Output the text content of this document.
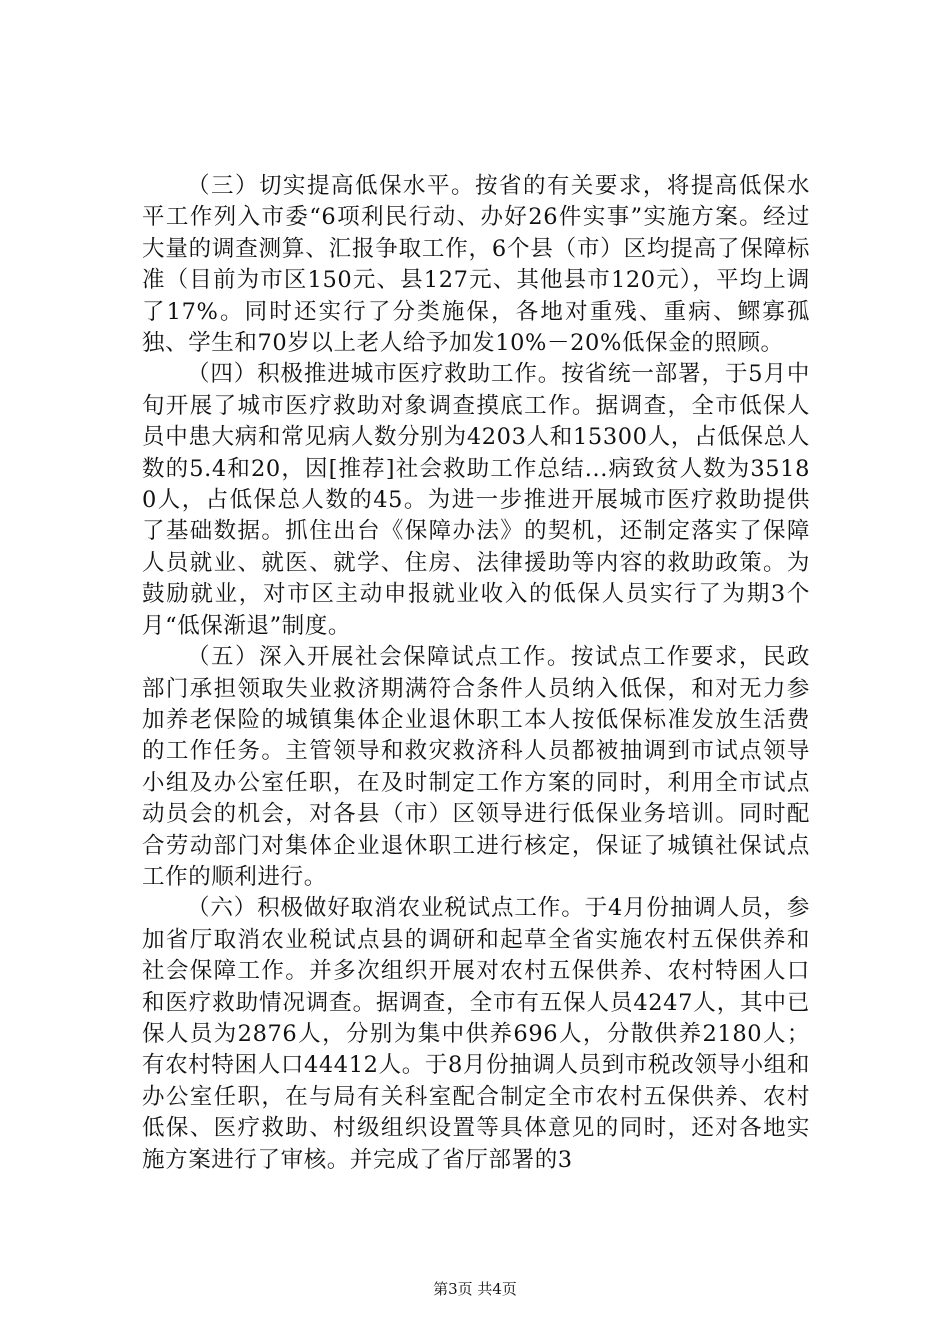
（三）切实提高低保水平。按省的有关要求，将提高低保水平工作列入市委“6项利民行动、办好26件实事”实施方案。经过大量的调查测算、汇报争取工作，6个县（市）区均提高了保障标准（目前为市区150元、县127元、其他县市120元），平均上调了17%。同时还实行了分类施保，各地对重残、重病、鳏寡孤独、学生和70岁以上老人给予加发10%－20%低保金的照顾。

（四）积极推进城市医疗救助工作。按省统一部署，于5月中旬开展了城市医疗救助对象调查摸底工作。据调查，全市低保人员中患大病和常见病人数分别为4203人和15300人，占低保总人数的5.4和20，因[推荐]社会救助工作总结...病致贫人数为35180人，占低保总人数的45。为进一步推进开展城市医疗救助提供了基础数据。抓住出台《保障办法》的契机，还制定落实了保障人员就业、就医、就学、住房、法律援助等内容的救助政策。为鼓励就业，对市区主动申报就业收入的低保人员实行了为期3个月“低保渐退”制度。

（五）深入开展社会保障试点工作。按试点工作要求，民政部门承担领取失业救济期满符合条件人员纳入低保，和对无力参加养老保险的城镇集体企业退休职工本人按低保标准发放生活费的工作任务。主管领导和救灾救济科人员都被抽调到市试点领导小组及办公室任职，在及时制定工作方案的同时，利用全市试点动员会的机会，对各县（市）区领导进行低保业务培训。同时配合劳动部门对集体企业退休职工进行核定，保证了城镇社保试点工作的顺利进行。

（六）积极做好取消农业税试点工作。于4月份抽调人员，参加省厅取消农业税试点县的调研和起草全省实施农村五保供养和社会保障工作。并多次组织开展对农村五保供养、农村特困人口和医疗救助情况调查。据调查，全市有五保人员4247人，其中已保人员为2876人，分别为集中供养696人，分散供养2180人；有农村特困人口44412人。于8月份抽调人员到市税改领导小组和办公室任职，在与局有关科室配合制定全市农村五保供养、农村低保、医疗救助、村级组织设置等具体意见的同时，还对各地实施方案进行了审核。并完成了省厅部署的3

第3页 共4页
